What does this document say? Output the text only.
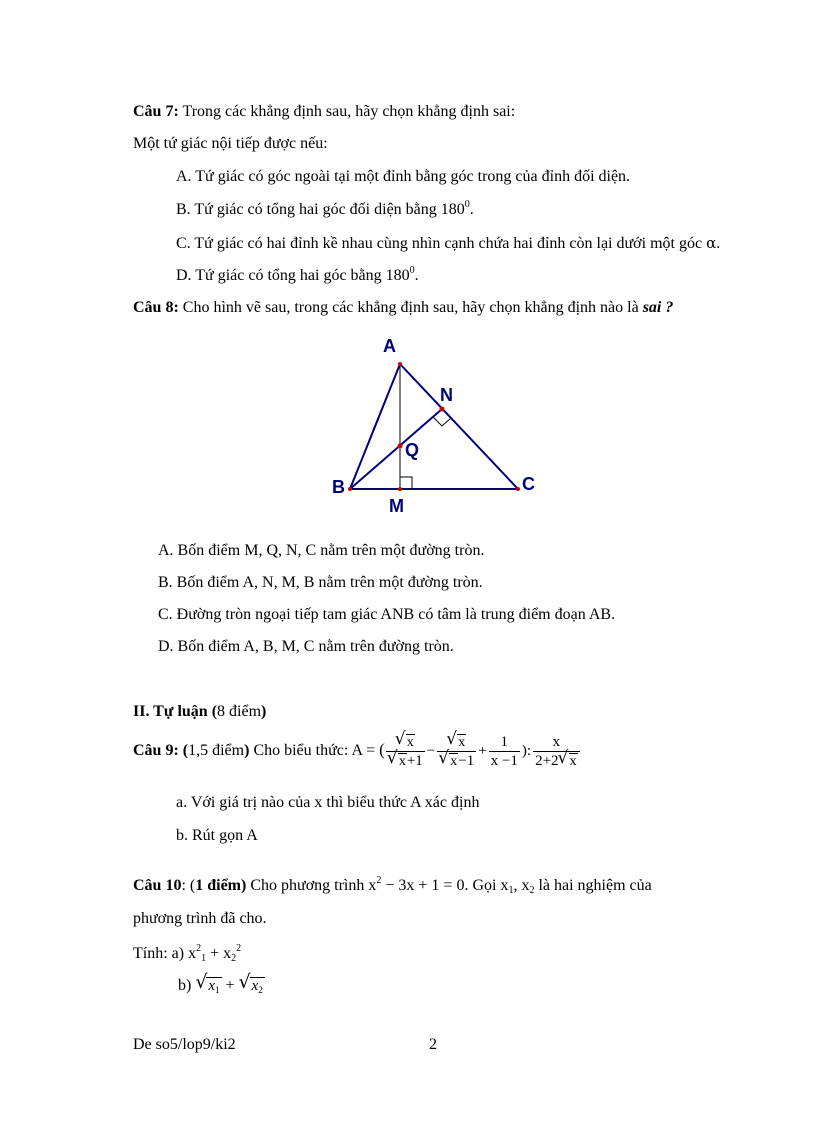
Câu 7: Trong các khẳng định sau, hãy chọn khẳng định sai:
Một tứ giác nội tiếp được nếu:
A. Tứ giác có góc ngoài tại một đỉnh bằng góc trong của đỉnh đối diện.
B. Tứ giác có tổng hai góc đối diện bằng $180^0$.
C. Tứ giác có hai đỉnh kề nhau cùng nhìn cạnh chứa hai đỉnh còn lại dưới một góc α.
D. Tứ giác có tổng hai góc bằng $180^0$.
Câu 8: Cho hình vẽ sau, trong các khẳng định sau, hãy chọn khẳng định nào là sai ?
A
N
Q
B	C
M
A. Bốn điểm M, Q, N, C nằm trên một đường tròn.
B. Bốn điểm A, N, M, B nằm trên một đường tròn.
C. Đường tròn ngoại tiếp tam giác ANB có tâm là trung điểm đoạn AB.
D. Bốn điểm A, B, M, C nằm trên đường tròn.
II. Tự luận (8 điểm)
Câu 9: (1,5 điểm) Cho biểu thức: A = ( √ x
√ x+1 − √ x
√ $x-1 + \frac{1}{x -1}$ ): $\frac{x}{2+2 √ x}$
a. Với giá trị nào của x thì biểu thức A xác định
b. Rút gọn A
Câu 10: (1 điểm) Cho phương trình $x^2 - 3x + 1 = 0$. Gọi $x_1$, $x_2$ là hai nghiệm của
phương trình đã cho.
Tính: a) $x^2_1 + x_2^2$
b) √ $x_1$ + √ $x_2$
De so5/lop9/ki2	2
